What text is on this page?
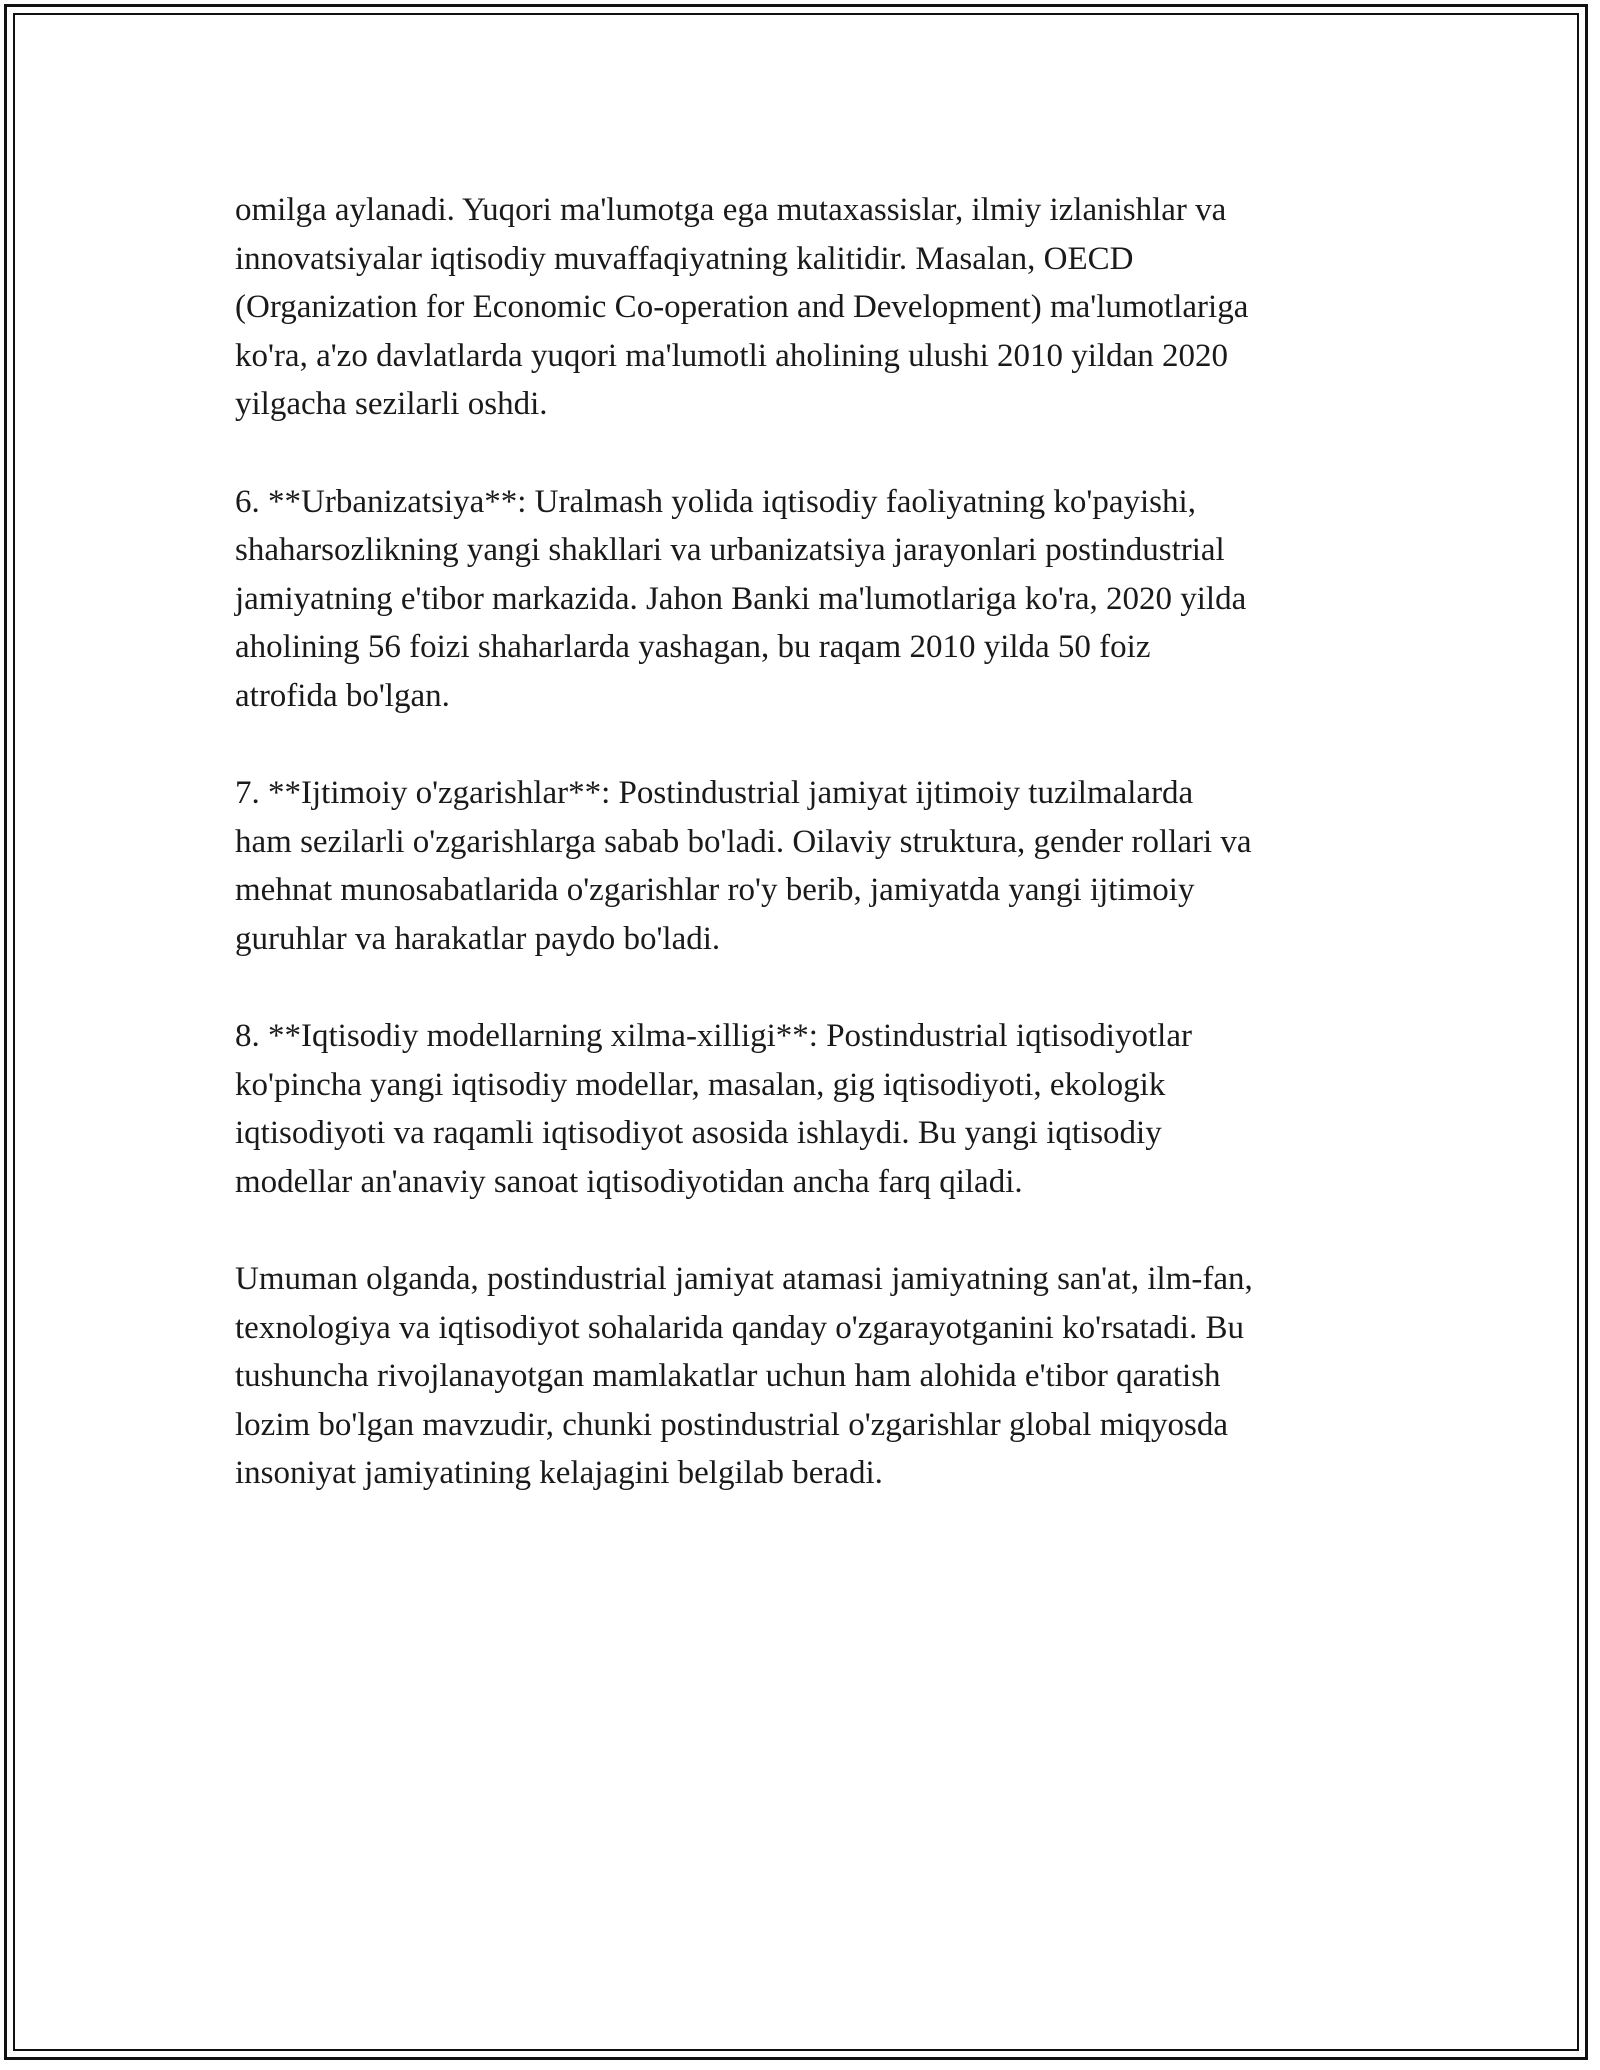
omilga aylanadi. Yuqori ma'lumotga ega mutaxassislar, ilmiy izlanishlar va
innovatsiyalar iqtisodiy muvaffaqiyatning kalitidir. Masalan, OECD
(Organization for Economic Co-operation and Development) ma'lumotlariga
ko'ra, a'zo davlatlarda yuqori ma'lumotli aholining ulushi 2010 yildan 2020
yilgacha sezilarli oshdi.

6. **Urbanizatsiya**: Uralmash yolida iqtisodiy faoliyatning ko'payishi,
shaharsozlikning yangi shakllari va urbanizatsiya jarayonlari postindustrial
jamiyatning e'tibor markazida. Jahon Banki ma'lumotlariga ko'ra, 2020 yilda
aholining 56 foizi shaharlarda yashagan, bu raqam 2010 yilda 50 foiz
atrofida bo'lgan.

7. **Ijtimoiy o'zgarishlar**: Postindustrial jamiyat ijtimoiy tuzilmalarda
ham sezilarli o'zgarishlarga sabab bo'ladi. Oilaviy struktura, gender rollari va
mehnat munosabatlarida o'zgarishlar ro'y berib, jamiyatda yangi ijtimoiy
guruhlar va harakatlar paydo bo'ladi.

8. **Iqtisodiy modellarning xilma-xilligi**: Postindustrial iqtisodiyotlar
ko'pincha yangi iqtisodiy modellar, masalan, gig iqtisodiyoti, ekologik
iqtisodiyoti va raqamli iqtisodiyot asosida ishlaydi. Bu yangi iqtisodiy
modellar an'anaviy sanoat iqtisodiyotidan ancha farq qiladi.

Umuman olganda, postindustrial jamiyat atamasi jamiyatning san'at, ilm-fan,
texnologiya va iqtisodiyot sohalarida qanday o'zgarayotganini ko'rsatadi. Bu
tushuncha rivojlanayotgan mamlakatlar uchun ham alohida e'tibor qaratish
lozim bo'lgan mavzudir, chunki postindustrial o'zgarishlar global miqyosda
insoniyat jamiyatining kelajagini belgilab beradi.
